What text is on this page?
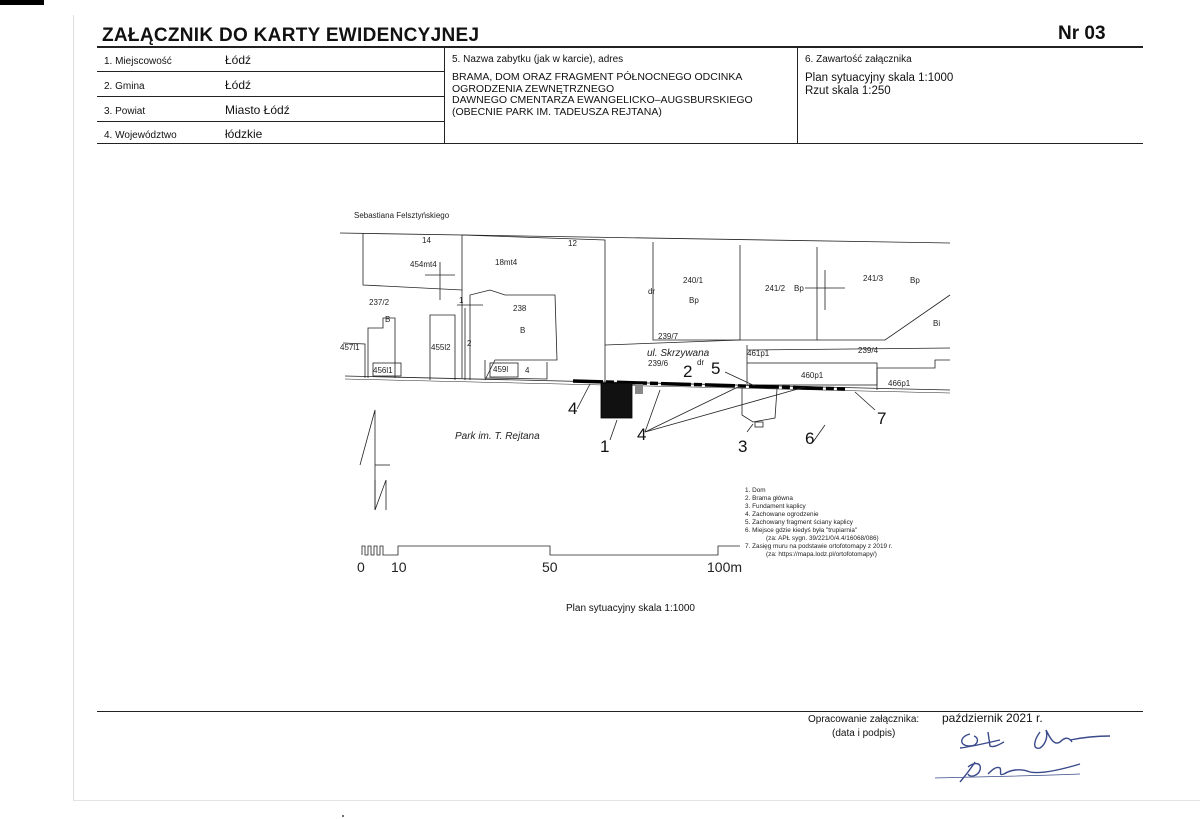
ZAŁĄCZNIK DO KARTY EWIDENCYJNEJ	Nr 03
1. Miejscowość	Łódź
2. Gmina	Łódź
3. Powiat	Miasto Łódź
4. Województwo	łódzkie
5. Nazwa zabytku (jak w karcie), adres
BRAMA, DOM ORAZ FRAGMENT PÓŁNOCNEGO ODCINKA
OGRODZENIA ZEWNĘTRZNEGO
DAWNEGO CMENTARZA EWANGELICKO–AUGSBURSKIEGO
(OBECNIE PARK IM. TADEUSZA REJTANA)
6. Zawartość załącznika
Plan sytuacyjny skala 1:1000
Rzut skala 1:250
Sebastiana Felsztyńskiego
14
454mt4	18mt4
12
237/2
B
1
238
B
2
455l2
457l1
456l1	459l 4
240/1
Bp
241/2 Bp
241/3	Bp
Bi
dr
239/7
239/6
461p1	239/4
460p1
466p1
dr
ul. Skrzywana
Park im. T. Rejtana
2 5
4
4
1	3	6
7
0 10	50	100m
1. Dom
2. Brama główna
3. Fundament kaplicy
4. Zachowane ogrodzenie
5. Zachowany fragment ściany kaplicy
6. Miejsce gdzie kiedyś była "trupiarnia"
(za: APŁ sygn. 39/221/0/4.4/16068/086)
7. Zasięg muru na podstawie ortofotomapy z 2019 r.
(za: https://mapa.lodz.pl/ortofotomapy/)
Plan sytuacyjny skala 1:1000
Opracowanie załącznika:
(data i podpis)
październik 2021 r.
